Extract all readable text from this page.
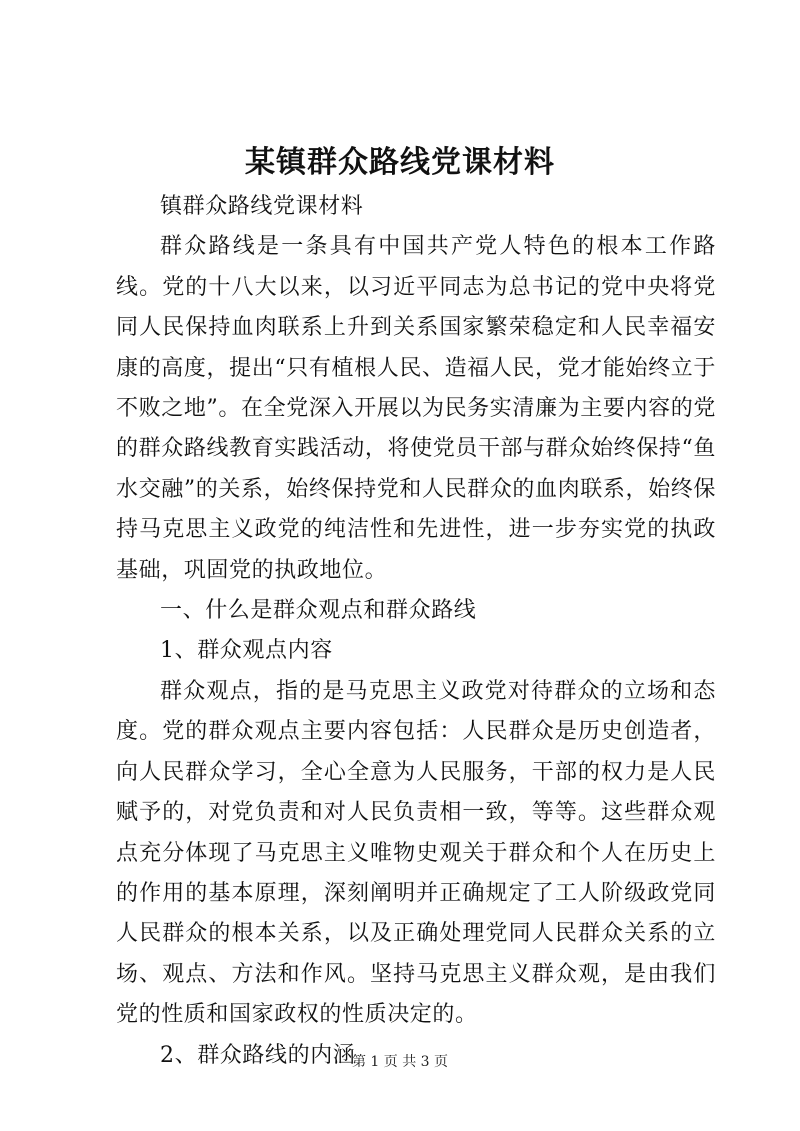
某镇群众路线党课材料

镇群众路线党课材料

群众路线是一条具有中国共产党人特色的根本工作路线。党的十八大以来，以习近平同志为总书记的党中央将党同人民保持血肉联系上升到关系国家繁荣稳定和人民幸福安康的高度，提出“只有植根人民、造福人民，党才能始终立于不败之地”。在全党深入开展以为民务实清廉为主要内容的党的群众路线教育实践活动，将使党员干部与群众始终保持“鱼水交融”的关系，始终保持党和人民群众的血肉联系，始终保持马克思主义政党的纯洁性和先进性，进一步夯实党的执政基础，巩固党的执政地位。

一、什么是群众观点和群众路线

1、群众观点内容

群众观点，指的是马克思主义政党对待群众的立场和态度。党的群众观点主要内容包括：人民群众是历史创造者，向人民群众学习，全心全意为人民服务，干部的权力是人民赋予的，对党负责和对人民负责相一致，等等。这些群众观点充分体现了马克思主义唯物史观关于群众和个人在历史上的作用的基本原理，深刻阐明并正确规定了工人阶级政党同人民群众的根本关系，以及正确处理党同人民群众关系的立场、观点、方法和作风。坚持马克思主义群众观，是由我们党的性质和国家政权的性质决定的。

2、群众路线的内涵

第 1 页 共 3 页
